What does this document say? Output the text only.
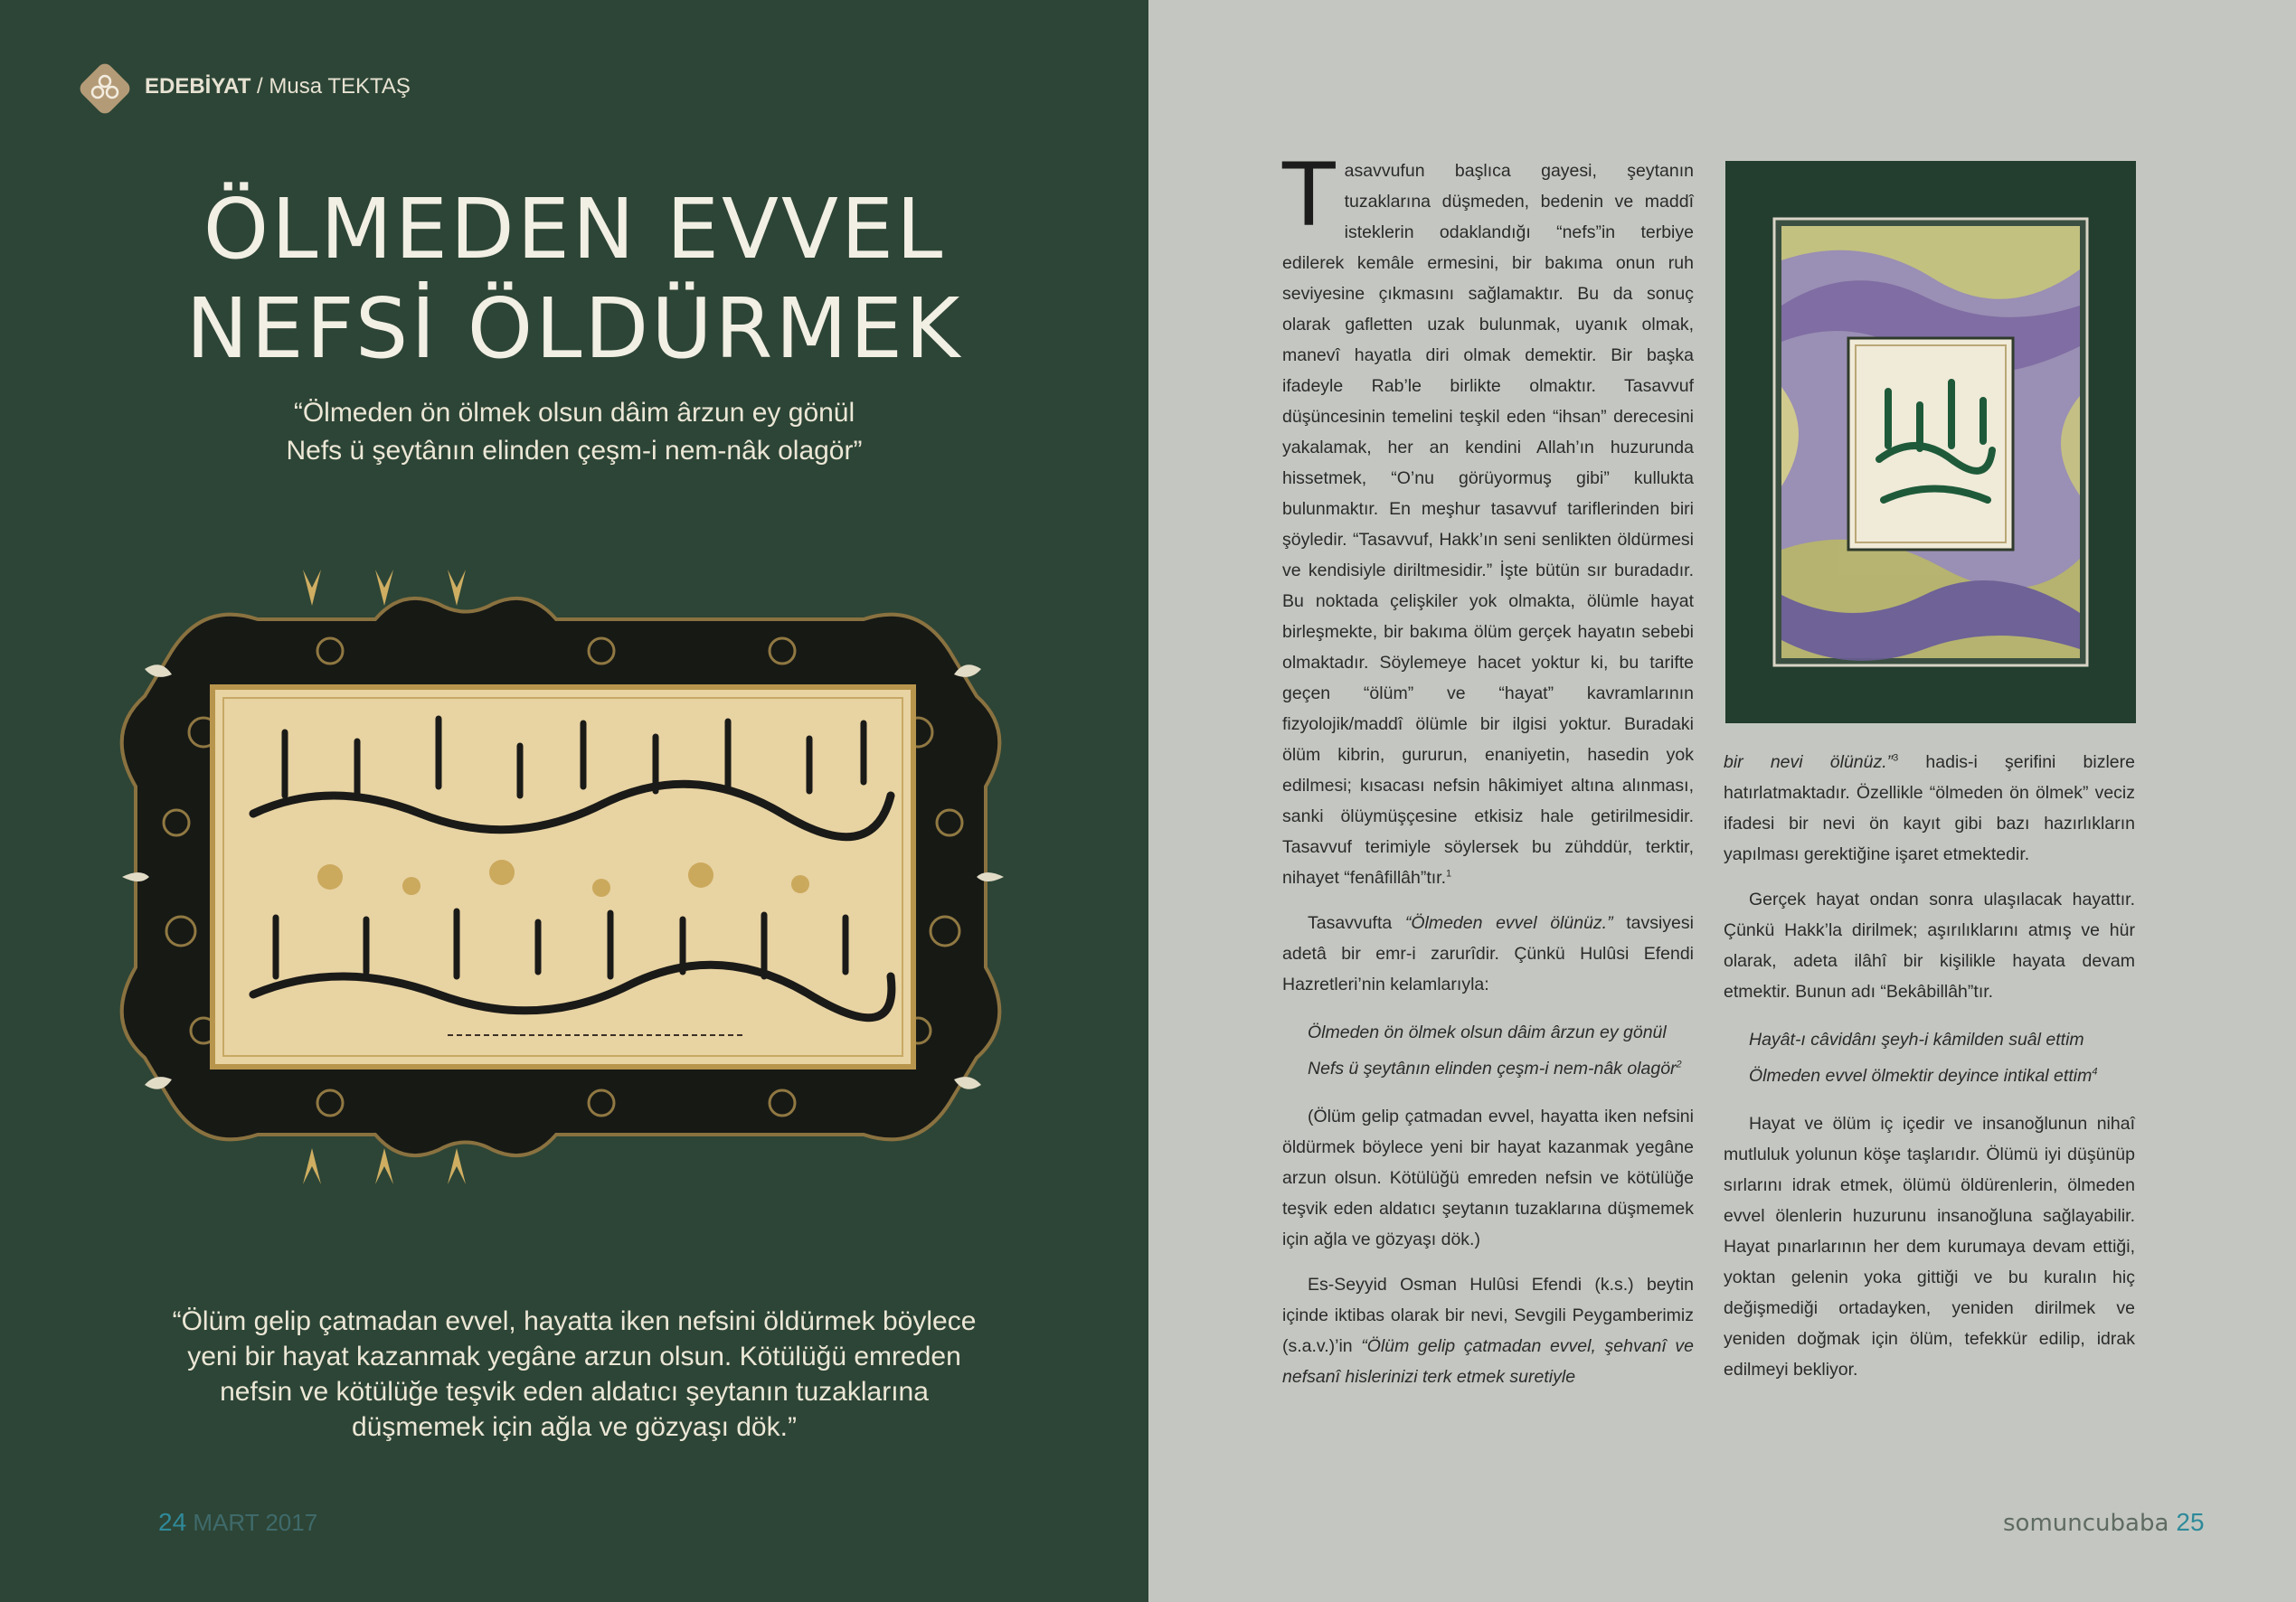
EDEBİYAT / Musa TEKTAŞ
ÖLMEDEN EVVEL
NEFSİ ÖLDÜRMEK
“Ölmeden ön ölmek olsun dâim ârzun ey gönül
Nefs ü şeytânın elinden çeşm-i nem-nâk olagör”
“Ölüm gelip çatmadan evvel, hayatta iken nefsini öldürmek böylece
yeni bir hayat kazanmak yegâne arzun olsun. Kötülüğü emreden
nefsin ve kötülüğe teşvik eden aldatıcı şeytanın tuzaklarına
düşmemek için ağla ve gözyaşı dök.”
24 MART 2017

Tasavvufun başlıca gayesi, şeytanın tuzaklarına düşmeden, bedenin ve maddî isteklerin odaklandığı “nefs”in terbiye edilerek kemâle ermesini, bir bakıma onun ruh seviyesine çıkmasını sağlamaktır. Bu da sonuç olarak gafletten uzak bulunmak, uyanık olmak, manevî hayatla diri olmak demektir. Bir başka ifadeyle Rab’le birlikte olmaktır. Tasavvuf düşüncesinin temelini teşkil eden “ihsan” derecesini yakalamak, her an kendini Allah’ın huzurunda hissetmek, “O’nu görüyormuş gibi” kullukta bulunmaktır. En meşhur tasavvuf tariflerinden biri şöyledir. “Tasavvuf, Hakk’ın seni senlikten öldürmesi ve kendisiyle diriltmesidir.” İşte bütün sır buradadır. Bu noktada çelişkiler yok olmakta, ölümle hayat birleşmekte, bir bakıma ölüm gerçek hayatın sebebi olmaktadır. Söylemeye hacet yoktur ki, bu tarifte geçen “ölüm” ve “hayat” kavramlarının fizyolojik/maddî ölümle bir ilgisi yoktur. Buradaki ölüm kibrin, gururun, enaniyetin, hasedin yok edilmesi; kısacası nefsin hâkimiyet altına alınması, sanki ölüymüşçesine etkisiz hale getirilmesidir. Tasavvuf terimiyle söylersek bu zühddür, terktir, nihayet “fenâfillâh”tır.$^1$

Tasavvufta “Ölmeden evvel ölünüz.” tavsiyesi adetâ bir emr-i zarurîdir. Çünkü Hulûsi Efendi Hazretleri’nin kelamlarıyla:

Ölmeden ön ölmek olsun dâim ârzun ey gönül
Nefs ü şeytânın elinden çeşm-i nem-nâk olagör$^2$

(Ölüm gelip çatmadan evvel, hayatta iken nefsini öldürmek böylece yeni bir hayat kazanmak yegâne arzun olsun. Kötülüğü emreden nefsin ve kötülüğe teşvik eden aldatıcı şeytanın tuzaklarına düşmemek için ağla ve gözyaşı dök.)

Es-Seyyid Osman Hulûsi Efendi (k.s.) beytin içinde iktibas olarak bir nevi, Sevgili Peygamberimiz (s.a.v.)’in “Ölüm gelip çatmadan evvel, şehvanî ve nefsanî hislerinizi terk etmek suretiyle

bir nevi ölünüz.”$^3$ hadis-i şerifini bizlere hatırlatmaktadır. Özellikle “ölmeden ön ölmek” veciz ifadesi bir nevi ön kayıt gibi bazı hazırlıkların yapılması gerektiğine işaret etmektedir.

Gerçek hayat ondan sonra ulaşılacak hayattır. Çünkü Hakk’la dirilmek; aşırılıklarını atmış ve hür olarak, adeta ilâhî bir kişilikle hayata devam etmektir. Bunun adı “Bekâbillâh”tır.

Hayât-ı câvidânı şeyh-i kâmilden suâl ettim
Ölmeden evvel ölmektir deyince intikal ettim$^4$

Hayat ve ölüm iç içedir ve insanoğlunun nihaî mutluluk yolunun köşe taşlarıdır. Ölümü iyi düşünüp sırlarını idrak etmek, ölümü öldürenlerin, ölmeden evvel ölenlerin huzurunu insanoğluna sağlayabilir. Hayat pınarlarının her dem kurumaya devam ettiği, yoktan gelenin yoka gittiği ve bu kuralın hiç değişmediği ortadayken, yeniden dirilmek ve yeniden doğmak için ölüm, tefekkür edilip, idrak edilmeyi bekliyor.

somuncubaba 25
